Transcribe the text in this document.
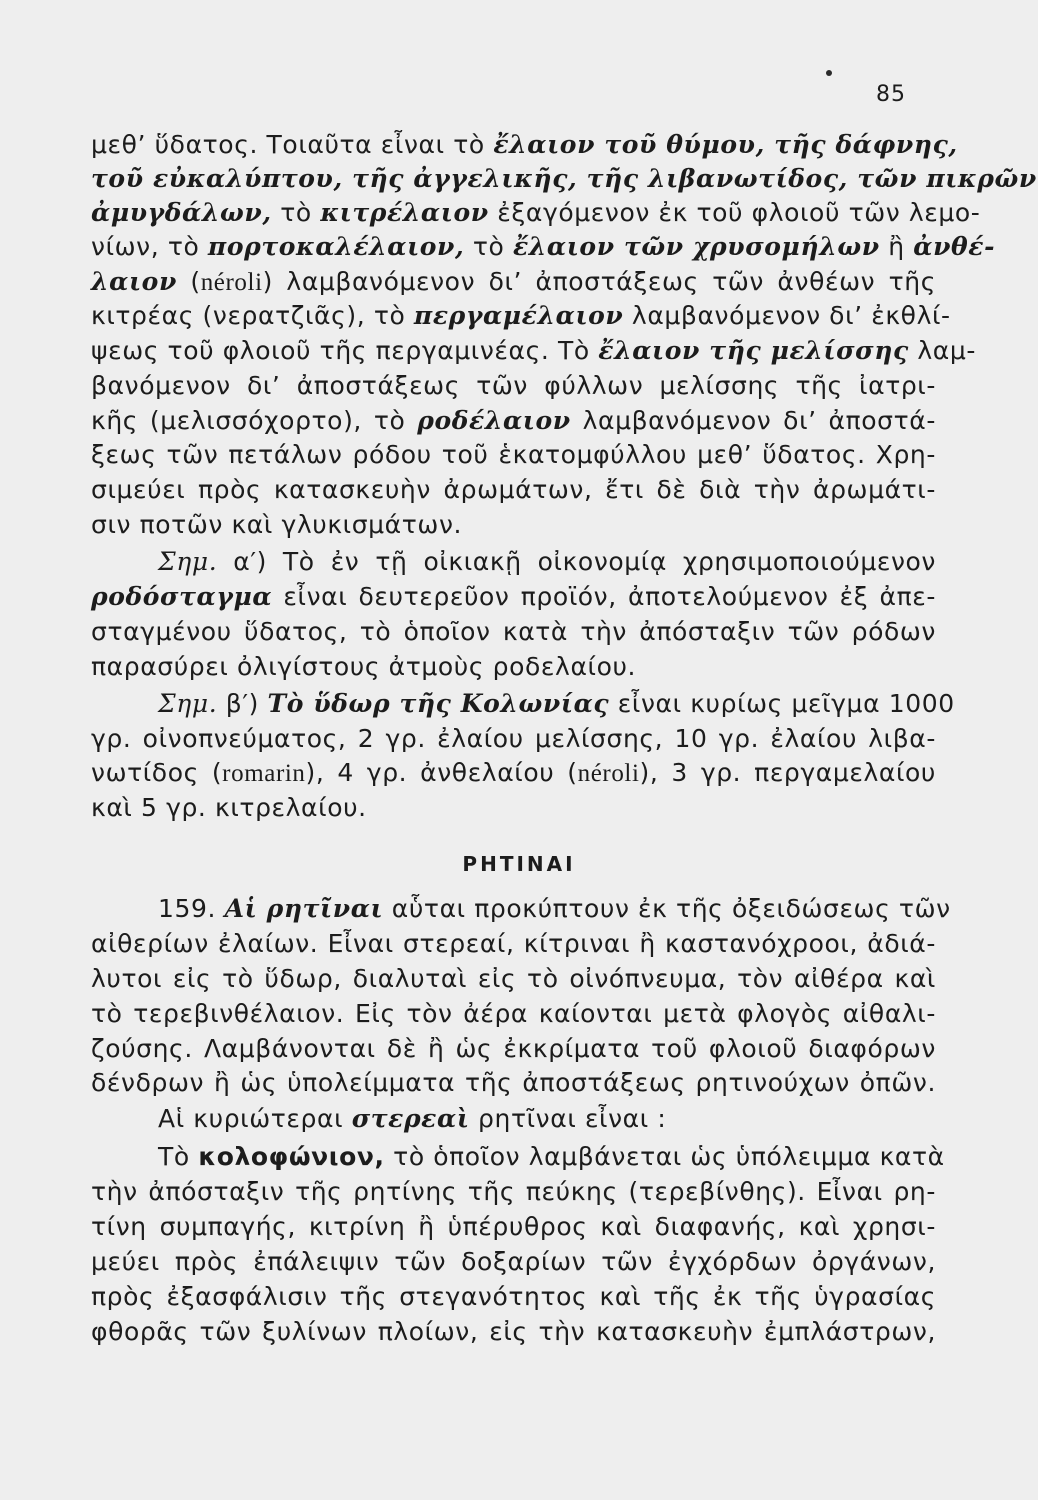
85
ΡΗΤΙΝΑΙ
μεθ’ ὕδατος. Τοιαῦτα εἶναι τὸ ἔλαιον τοῦ θύμου, τῆς δάφνης,
τοῦ εὐκαλύπτου, τῆς ἀγγελικῆς, τῆς λιβανωτίδος, τῶν πικρῶν
ἀμυγδάλων, τὸ κιτρέλαιον ἐξαγόμενον ἐκ τοῦ φλοιοῦ τῶν λεμο-
νίων, τὸ πορτοκαλέλαιον, τὸ ἔλαιον τῶν χρυσομήλων ἢ ἀνθέ-
λαιον (néroli) λαμβανόμενον δι’ ἀποστάξεως τῶν ἀνθέων τῆς
κιτρέας (νερατζιᾶς), τὸ περγαμέλαιον λαμβανόμενον δι’ ἐκθλί-
ψεως τοῦ φλοιοῦ τῆς περγαμινέας. Τὸ ἔλαιον τῆς μελίσσης λαμ-
βανόμενον δι’ ἀποστάξεως τῶν φύλλων μελίσσης τῆς ἰατρι-
κῆς (μελισσόχορτο), τὸ ροδέλαιον λαμβανόμενον δι’ ἀποστά-
ξεως τῶν πετάλων ρόδου τοῦ ἑκατομφύλλου μεθ’ ὕδατος. Χρη-
σιμεύει πρὸς κατασκευὴν ἀρωμάτων, ἔτι δὲ διὰ τὴν ἀρωμάτι-
σιν ποτῶν καὶ γλυκισμάτων.
Σημ. α′) Τὸ ἐν τῇ οἰκιακῇ οἰκονομίᾳ χρησιμοποιούμενον
ροδόσταγμα εἶναι δευτερεῦον προϊόν, ἀποτελούμενον ἐξ ἀπε-
σταγμένου ὕδατος, τὸ ὁποῖον κατὰ τὴν ἀπόσταξιν τῶν ρόδων
παρασύρει ὀλιγίστους ἀτμοὺς ροδελαίου.
Σημ. β′) Τὸ ὕδωρ τῆς Κολωνίας εἶναι κυρίως μεῖγμα 1000
γρ. οἰνοπνεύματος, 2 γρ. ἐλαίου μελίσσης, 10 γρ. ἐλαίου λιβα-
νωτίδος (romarin), 4 γρ. ἀνθελαίου (néroli), 3 γρ. περγαμελαίου
καὶ 5 γρ. κιτρελαίου.
159. Αἱ ρητῖναι αὗται προκύπτουν ἐκ τῆς ὀξειδώσεως τῶν
αἰθερίων ἐλαίων. Εἶναι στερεαί, κίτριναι ἢ καστανόχροοι, ἀδιά-
λυτοι εἰς τὸ ὕδωρ, διαλυταὶ εἰς τὸ οἰνόπνευμα, τὸν αἰθέρα καὶ
τὸ τερεβινθέλαιον. Εἰς τὸν ἀέρα καίονται μετὰ φλογὸς αἰθαλι-
ζούσης. Λαμβάνονται δὲ ἢ ὡς ἐκκρίματα τοῦ φλοιοῦ διαφόρων
δένδρων ἢ ὡς ὑπολείμματα τῆς ἀποστάξεως ρητινούχων ὀπῶν.
Αἱ κυριώτεραι στερεαὶ ρητῖναι εἶναι :
Τὸ κολοφώνιον, τὸ ὁποῖον λαμβάνεται ὡς ὑπόλειμμα κατὰ
τὴν ἀπόσταξιν τῆς ρητίνης τῆς πεύκης (τερεβίνθης). Εἶναι ρη-
τίνη συμπαγής, κιτρίνη ἢ ὑπέρυθρος καὶ διαφανής, καὶ χρησι-
μεύει πρὸς ἐπάλειψιν τῶν δοξαρίων τῶν ἐγχόρδων ὀργάνων,
πρὸς ἐξασφάλισιν τῆς στεγανότητος καὶ τῆς ἐκ τῆς ὑγρασίας
φθορᾶς τῶν ξυλίνων πλοίων, εἰς τὴν κατασκευὴν ἐμπλάστρων,
